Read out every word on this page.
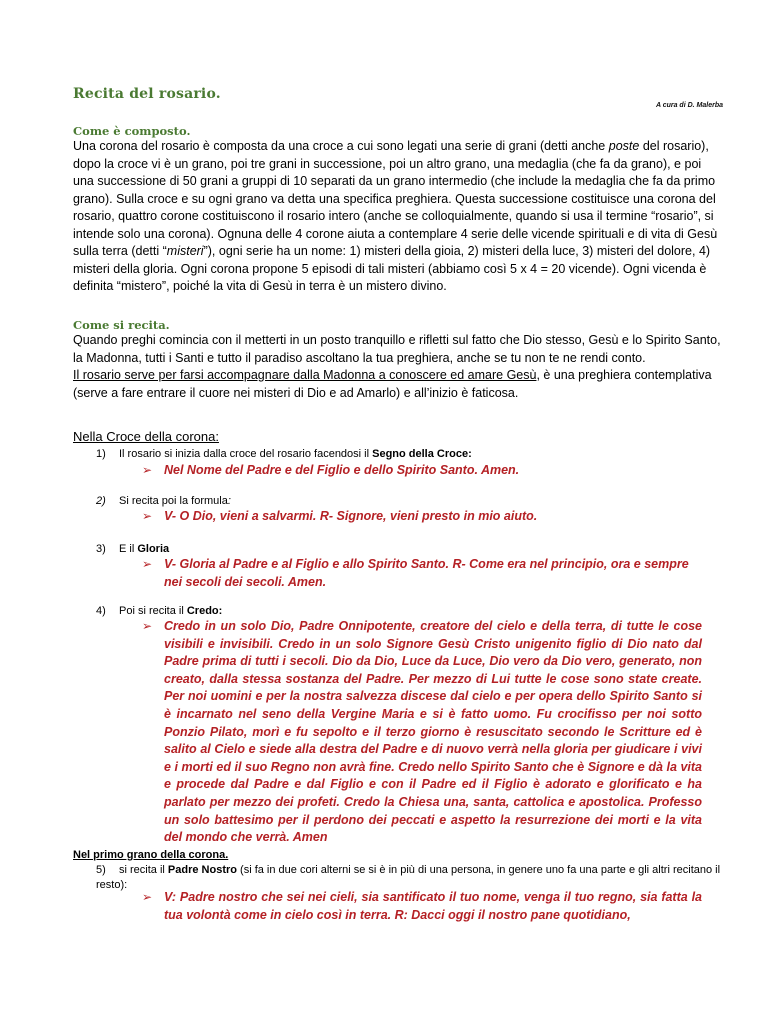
Recita del rosario.
A cura di D. Malerba
Come è composto.
Una corona del rosario è composta da una croce a cui sono legati una serie di grani (detti anche poste del rosario), dopo la croce vi è un grano, poi tre grani in successione, poi un altro grano, una medaglia (che fa da grano), e poi una successione di 50 grani a gruppi di 10 separati da un grano intermedio (che include la medaglia che fa da primo grano). Sulla croce e su ogni grano va detta una specifica preghiera. Questa successione costituisce una corona del rosario, quattro corone costituiscono il rosario intero (anche se colloquialmente, quando si usa il termine “rosario”, si intende solo una corona). Ognuna delle 4 corone aiuta a contemplare 4 serie delle vicende spirituali e di vita di Gesù sulla terra (detti “misteri”), ogni serie ha un nome: 1) misteri della gioia, 2) misteri della luce, 3) misteri del dolore, 4) misteri della gloria. Ogni corona propone 5 episodi di tali misteri (abbiamo così 5 x 4 = 20 vicende). Ogni vicenda è definita “mistero”, poiché la vita di Gesù in terra è un mistero divino.
Come si recita.
Quando preghi comincia con il metterti in un posto tranquillo e rifletti sul fatto che Dio stesso, Gesù e lo Spirito Santo, la Madonna, tutti i Santi e tutto il paradiso ascoltano la tua preghiera, anche se tu non te ne rendi conto.
Il rosario serve per farsi accompagnare dalla Madonna a conoscere ed amare Gesù, è una preghiera contemplativa (serve a fare entrare il cuore nei misteri di Dio e ad Amarlo) e all’inizio è faticosa.
Nella Croce della corona:
1) Il rosario si inizia dalla croce del rosario facendosi il Segno della Croce:
Nel Nome del Padre e del Figlio e dello Spirito Santo. Amen.
2) Si recita poi la formula:
V- O Dio, vieni a salvarmi. R- Signore, vieni presto in mio aiuto.
3) E il Gloria
V- Gloria al Padre e al Figlio e allo Spirito Santo. R- Come era nel principio, ora e sempre nei secoli dei secoli. Amen.
4) Poi si recita il Credo:
Credo in un solo Dio, Padre Onnipotente, creatore del cielo e della terra, di tutte le cose visibili e invisibili. Credo in un solo Signore Gesù Cristo unigenito figlio di Dio nato dal Padre prima di tutti i secoli. Dio da Dio, Luce da Luce, Dio vero da Dio vero, generato, non creato, dalla stessa sostanza del Padre. Per mezzo di Lui tutte le cose sono state create. Per noi uomini e per la nostra salvezza discese dal cielo e per opera dello Spirito Santo si è incarnato nel seno della Vergine Maria e si è fatto uomo. Fu crocifisso per noi sotto Ponzio Pilato, morì e fu sepolto e il terzo giorno è resuscitato secondo le Scritture ed è salito al Cielo e siede alla destra del Padre e di nuovo verrà nella gloria per giudicare i vivi e i morti ed il suo Regno non avrà fine. Credo nello Spirito Santo che è Signore e dà la vita e procede dal Padre e dal Figlio e con il Padre ed il Figlio è adorato e glorificato e ha parlato per mezzo dei profeti. Credo la Chiesa una, santa, cattolica e apostolica. Professo un solo battesimo per il perdono dei peccati e aspetto la resurrezione dei morti e la vita del mondo che verrà. Amen
Nel primo grano della corona.
5) si recita il Padre Nostro (si fa in due cori alterni se si è in più di una persona, in genere uno fa una parte e gli altri recitano il resto):
V: Padre nostro che sei nei cieli, sia santificato il tuo nome, venga il tuo regno, sia fatta la tua volontà come in cielo così in terra. R: Dacci oggi il nostro pane quotidiano,
➢
➢
➢
➢
➢
